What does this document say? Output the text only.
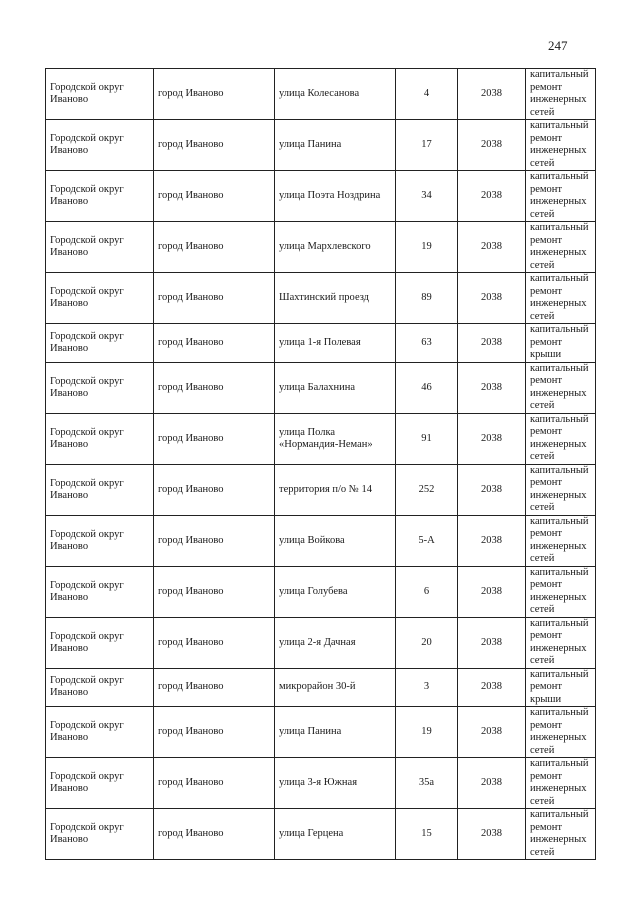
247
Городской округ Иваново	город Иваново	улица Колесанова	4	2038	капитальный ремонт инженерных сетей
Городской округ Иваново	город Иваново	улица Панина	17	2038	капитальный ремонт инженерных сетей
Городской округ Иваново	город Иваново	улица Поэта Ноздрина	34	2038	капитальный ремонт инженерных сетей
Городской округ Иваново	город Иваново	улица Мархлевского	19	2038	капитальный ремонт инженерных сетей
Городской округ Иваново	город Иваново	Шахтинский проезд	89	2038	капитальный ремонт инженерных сетей
Городской округ Иваново	город Иваново	улица 1-я Полевая	63	2038	капитальный ремонт крыши
Городской округ Иваново	город Иваново	улица Балахнина	46	2038	капитальный ремонт инженерных сетей
Городской округ Иваново	город Иваново	улица Полка «Нормандия-Неман»	91	2038	капитальный ремонт инженерных сетей
Городской округ Иваново	город Иваново	территория п/о № 14	252	2038	капитальный ремонт инженерных сетей
Городской округ Иваново	город Иваново	улица Войкова	5-А	2038	капитальный ремонт инженерных сетей
Городской округ Иваново	город Иваново	улица Голубева	6	2038	капитальный ремонт инженерных сетей
Городской округ Иваново	город Иваново	улица 2-я Дачная	20	2038	капитальный ремонт инженерных сетей
Городской округ Иваново	город Иваново	микрорайон 30-й	3	2038	капитальный ремонт крыши
Городской округ Иваново	город Иваново	улица Панина	19	2038	капитальный ремонт инженерных сетей
Городской округ Иваново	город Иваново	улица 3-я Южная	35а	2038	капитальный ремонт инженерных сетей
Городской округ Иваново	город Иваново	улица Герцена	15	2038	капитальный ремонт инженерных сетей
